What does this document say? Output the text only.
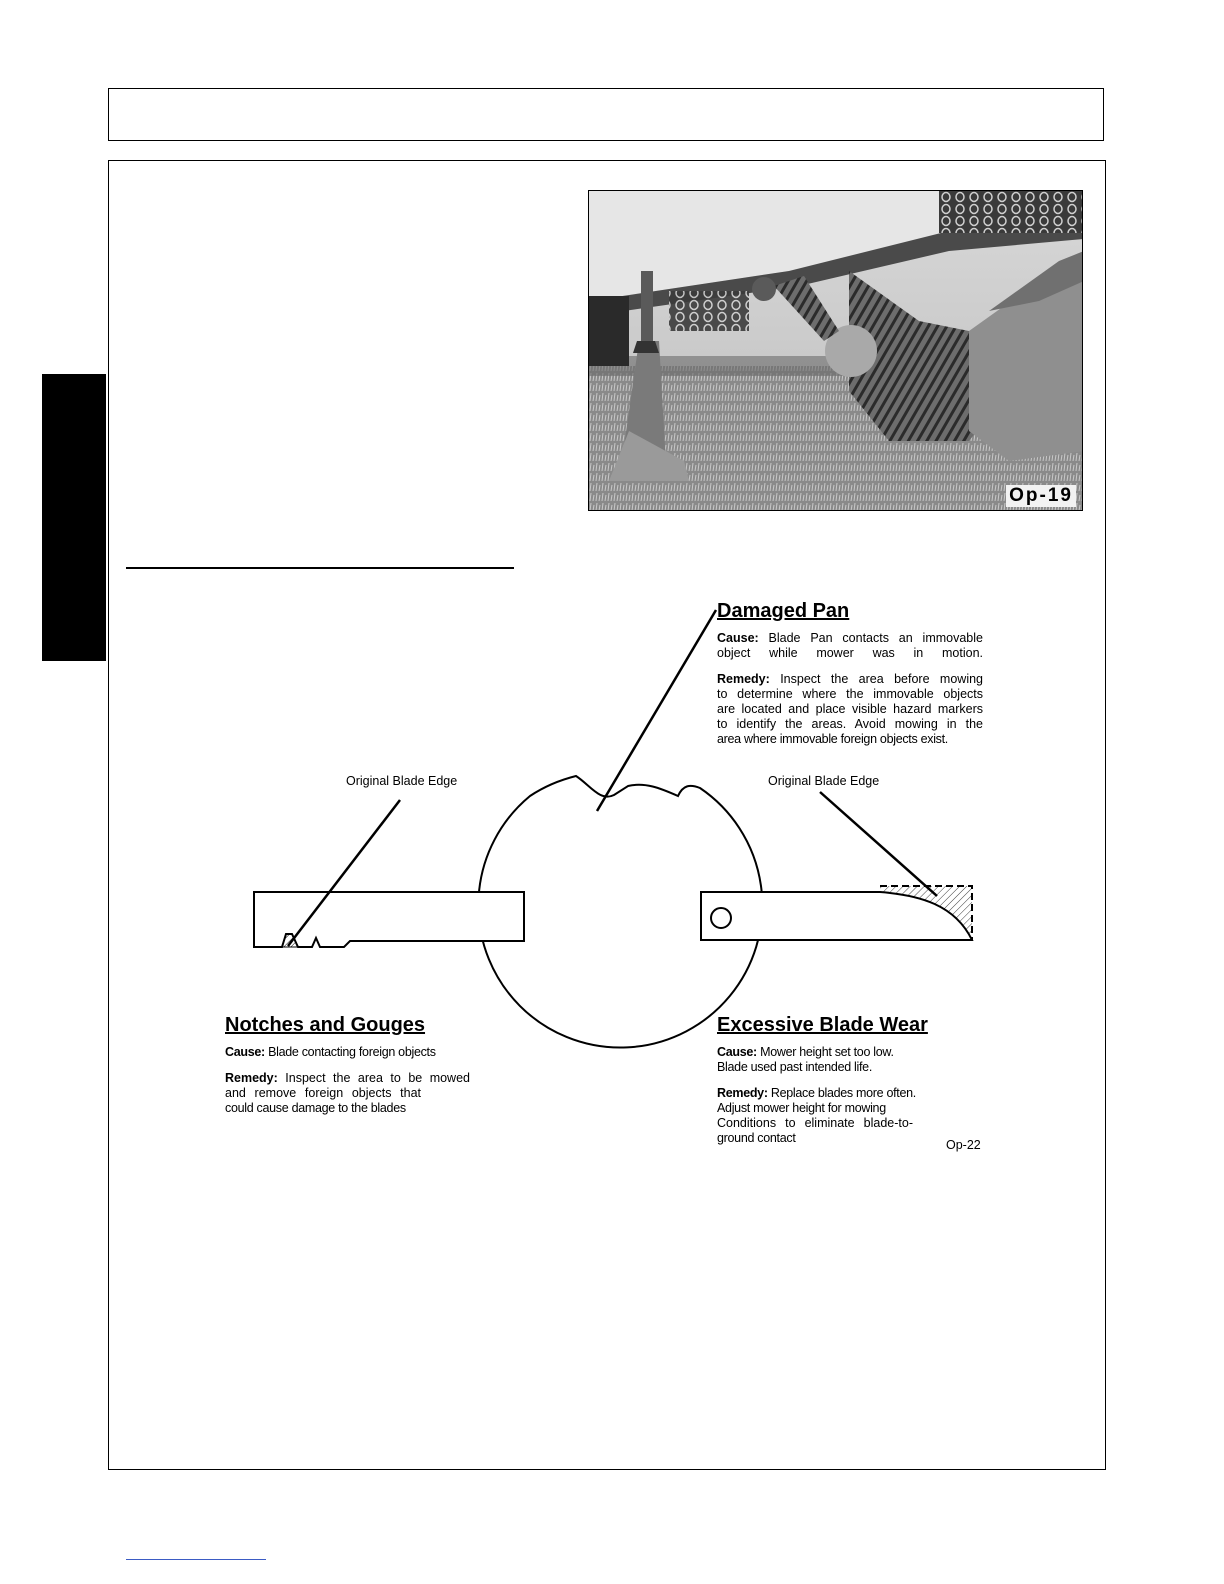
Op-19
Damaged Pan

Cause: Blade Pan contacts an immovable
object while mower was in motion.

Remedy: Inspect the area before mowing
to determine where the immovable objects
are located and place visible hazard markers
to identify the areas. Avoid mowing in the
area where immovable foreign objects exist.

Original Blade Edge	Original Blade Edge
Notches and Gouges

Cause: Blade contacting foreign objects

Remedy: Inspect the area to be mowed
and remove foreign objects that
could cause damage to the blades

Excessive Blade Wear

Cause: Mower height set too low.
Blade used past intended life.

Remedy: Replace blades more often.
Adjust mower height for mowing
Conditions to eliminate blade-to-
ground contact	Op-22
